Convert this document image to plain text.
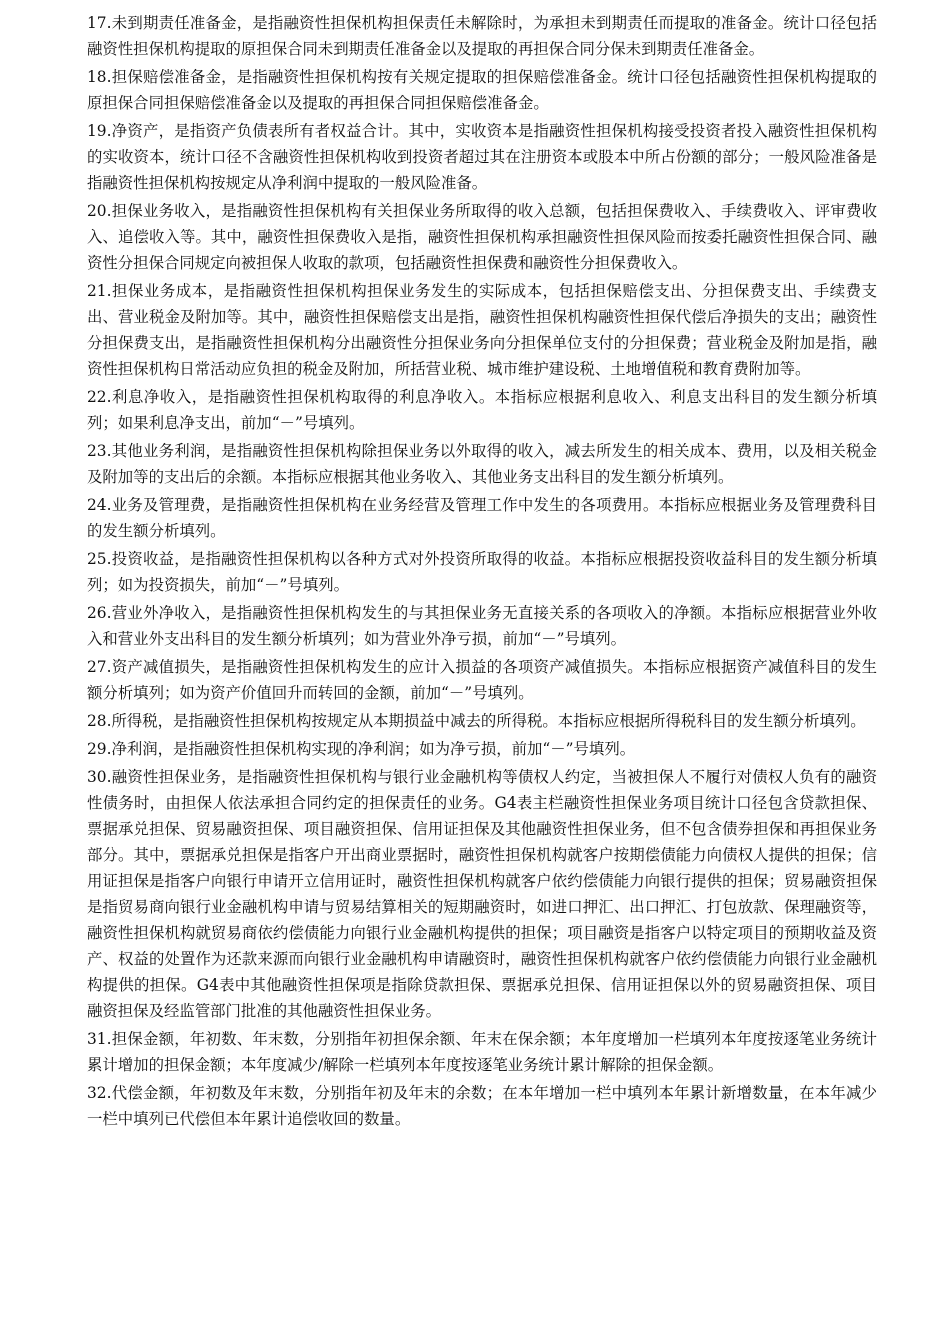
17.未到期责任准备金，是指融资性担保机构担保责任未解除时，为承担未到期责任而提取的准备金。统计口径包括融资性担保机构提取的原担保合同未到期责任准备金以及提取的再担保合同分保未到期责任准备金。

18.担保赔偿准备金，是指融资性担保机构按有关规定提取的担保赔偿准备金。统计口径包括融资性担保机构提取的原担保合同担保赔偿准备金以及提取的再担保合同担保赔偿准备金。

19.净资产，是指资产负债表所有者权益合计。其中，实收资本是指融资性担保机构接受投资者投入融资性担保机构的实收资本，统计口径不含融资性担保机构收到投资者超过其在注册资本或股本中所占份额的部分；一般风险准备是指融资性担保机构按规定从净利润中提取的一般风险准备。

20.担保业务收入，是指融资性担保机构有关担保业务所取得的收入总额，包括担保费收入、手续费收入、评审费收入、追偿收入等。其中，融资性担保费收入是指，融资性担保机构承担融资性担保风险而按委托融资性担保合同、融资性分担保合同规定向被担保人收取的款项，包括融资性担保费和融资性分担保费收入。

21.担保业务成本，是指融资性担保机构担保业务发生的实际成本，包括担保赔偿支出、分担保费支出、手续费支出、营业税金及附加等。其中，融资性担保赔偿支出是指，融资性担保机构融资性担保代偿后净损失的支出；融资性分担保费支出，是指融资性担保机构分出融资性分担保业务向分担保单位支付的分担保费；营业税金及附加是指，融资性担保机构日常活动应负担的税金及附加，所括营业税、城市维护建设税、土地增值税和教育费附加等。

22.利息净收入，是指融资性担保机构取得的利息净收入。本指标应根据利息收入、利息支出科目的发生额分析填列；如果利息净支出，前加“－”号填列。

23.其他业务利润，是指融资性担保机构除担保业务以外取得的收入，减去所发生的相关成本、费用，以及相关税金及附加等的支出后的余额。本指标应根据其他业务收入、其他业务支出科目的发生额分析填列。

24.业务及管理费，是指融资性担保机构在业务经营及管理工作中发生的各项费用。本指标应根据业务及管理费科目的发生额分析填列。

25.投资收益，是指融资性担保机构以各种方式对外投资所取得的收益。本指标应根据投资收益科目的发生额分析填列；如为投资损失，前加“－”号填列。

26.营业外净收入，是指融资性担保机构发生的与其担保业务无直接关系的各项收入的净额。本指标应根据营业外收入和营业外支出科目的发生额分析填列；如为营业外净亏损，前加“－”号填列。

27.资产减值损失，是指融资性担保机构发生的应计入损益的各项资产减值损失。本指标应根据资产减值科目的发生额分析填列；如为资产价值回升而转回的金额，前加“－”号填列。

28.所得税，是指融资性担保机构按规定从本期损益中减去的所得税。本指标应根据所得税科目的发生额分析填列。

29.净利润，是指融资性担保机构实现的净利润；如为净亏损，前加“－”号填列。

30.融资性担保业务，是指融资性担保机构与银行业金融机构等债权人约定，当被担保人不履行对债权人负有的融资性债务时，由担保人依法承担合同约定的担保责任的业务。G4表主栏融资性担保业务项目统计口径包含贷款担保、票据承兑担保、贸易融资担保、项目融资担保、信用证担保及其他融资性担保业务，但不包含债券担保和再担保业务部分。其中，票据承兑担保是指客户开出商业票据时，融资性担保机构就客户按期偿债能力向债权人提供的担保；信用证担保是指客户向银行申请开立信用证时，融资性担保机构就客户依约偿债能力向银行提供的担保；贸易融资担保是指贸易商向银行业金融机构申请与贸易结算相关的短期融资时，如进口押汇、出口押汇、打包放款、保理融资等，融资性担保机构就贸易商依约偿债能力向银行业金融机构提供的担保；项目融资是指客户以特定项目的预期收益及资产、权益的处置作为还款来源而向银行业金融机构申请融资时，融资性担保机构就客户依约偿债能力向银行业金融机构提供的担保。G4表中其他融资性担保项是指除贷款担保、票据承兑担保、信用证担保以外的贸易融资担保、项目融资担保及经监管部门批准的其他融资性担保业务。

31.担保金额，年初数、年末数，分别指年初担保余额、年末在保余额；本年度增加一栏填列本年度按逐笔业务统计累计增加的担保金额；本年度减少/解除一栏填列本年度按逐笔业务统计累计解除的担保金额。

32.代偿金额，年初数及年末数，分别指年初及年末的余数；在本年增加一栏中填列本年累计新增数量，在本年减少一栏中填列已代偿但本年累计追偿收回的数量。
